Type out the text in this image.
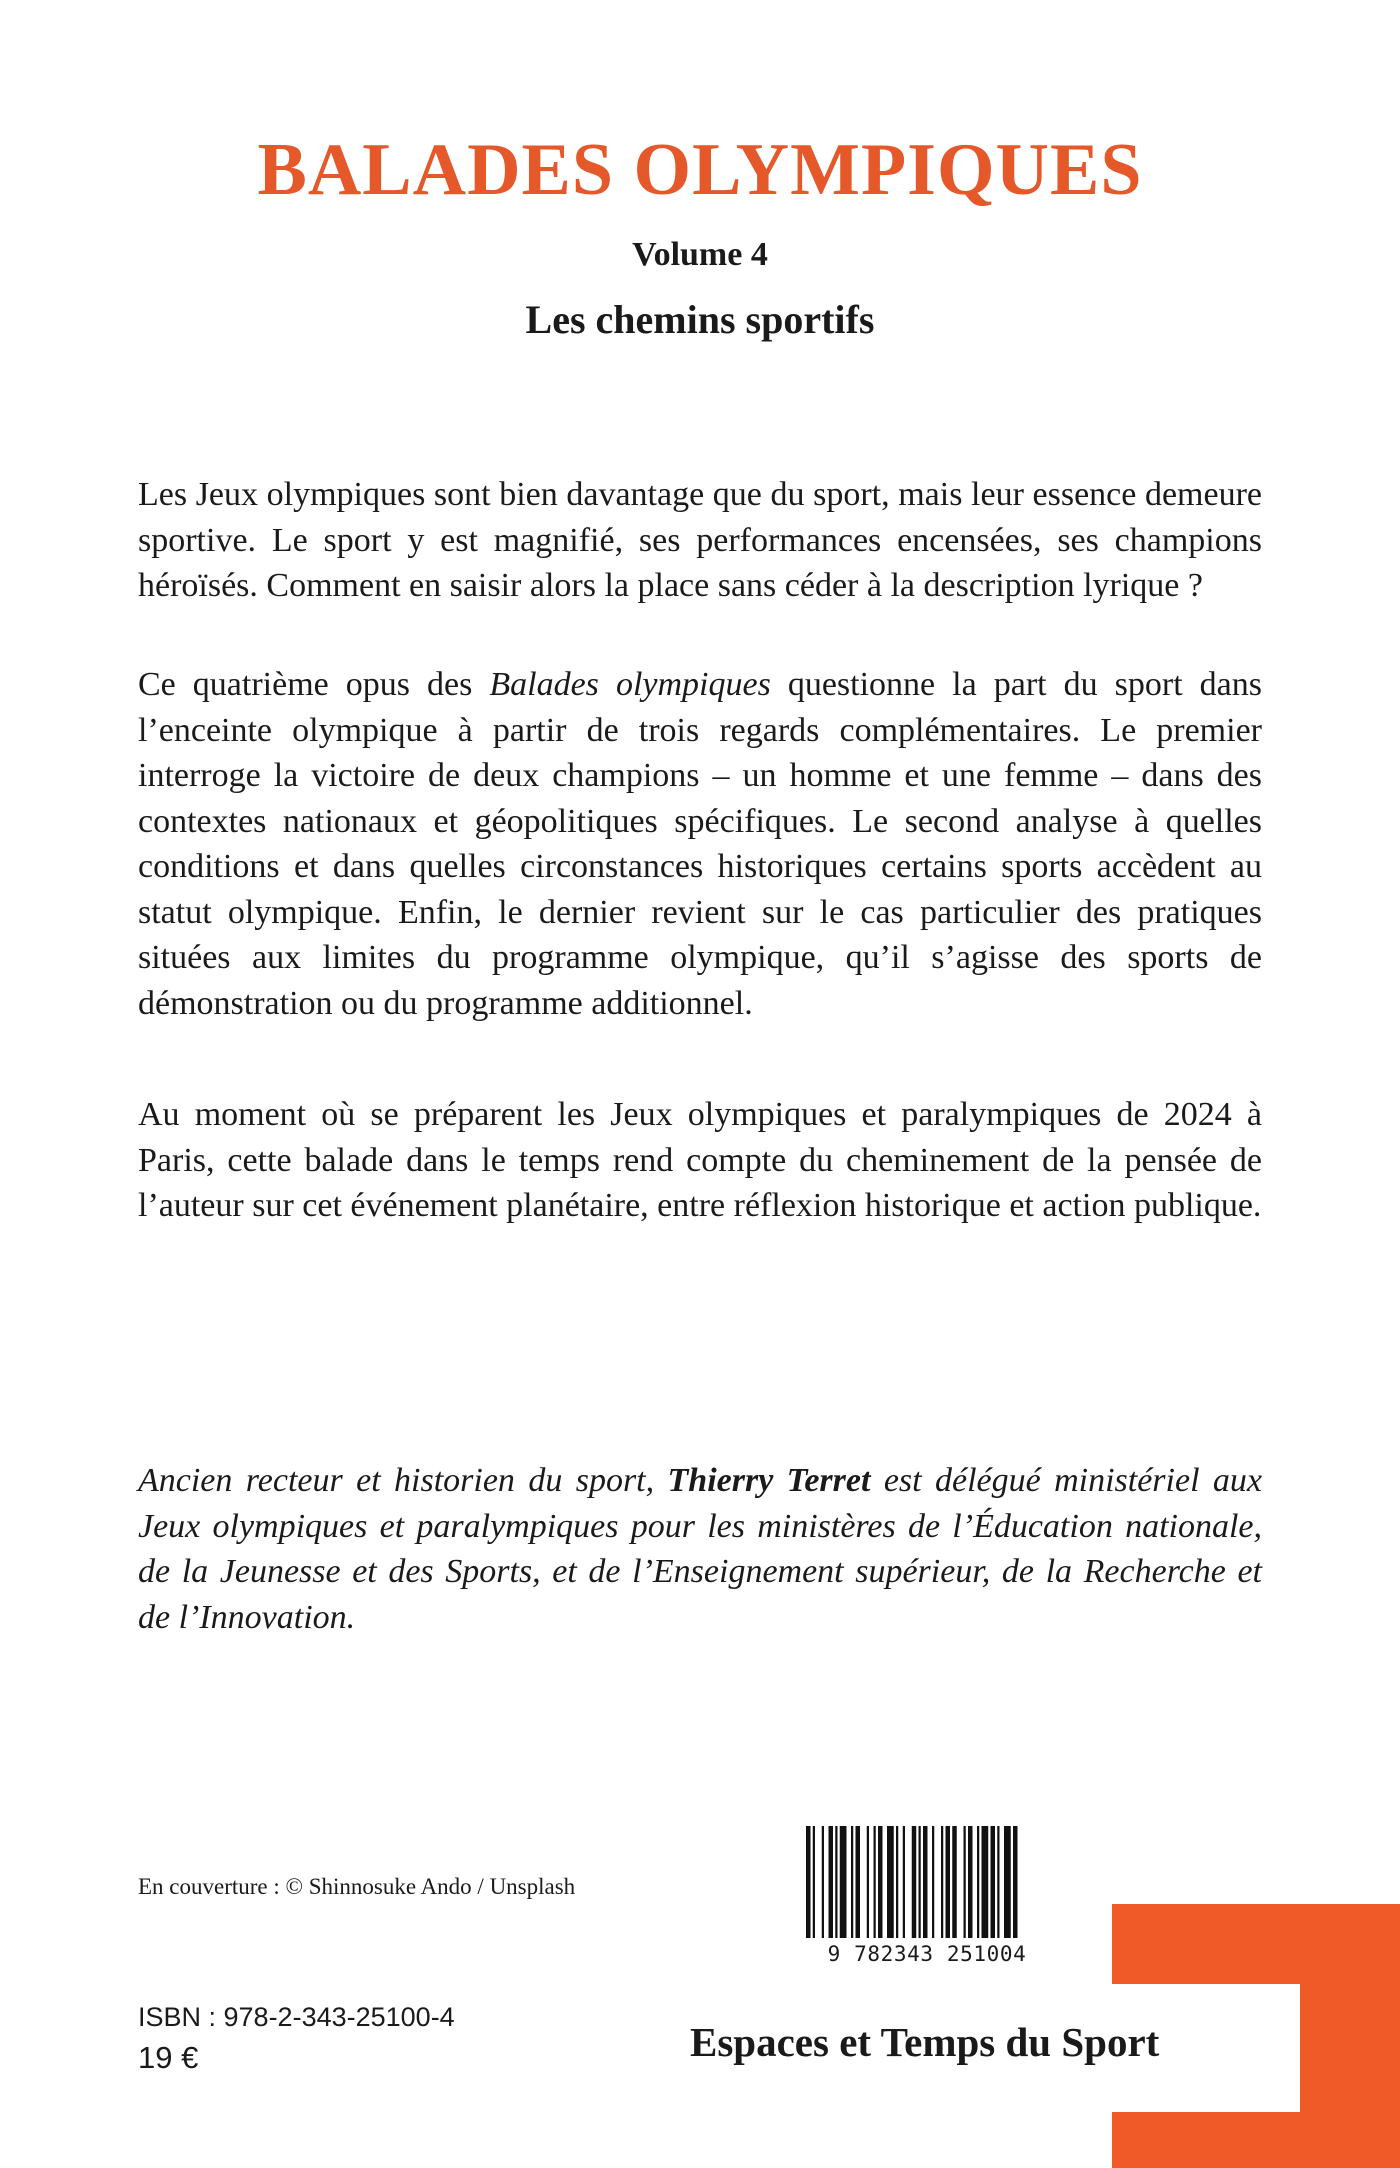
BALADES OLYMPIQUES
Volume 4
Les chemins sportifs

Les Jeux olympiques sont bien davantage que du sport, mais leur essence demeure sportive. Le sport y est magnifié, ses performances encensées, ses champions héroïsés. Comment en saisir alors la place sans céder à la description lyrique ?

Ce quatrième opus des Balades olympiques questionne la part du sport dans l’enceinte olympique à partir de trois regards complémentaires. Le premier interroge la victoire de deux champions – un homme et une femme – dans des contextes nationaux et géopolitiques spécifiques. Le second analyse à quelles conditions et dans quelles circonstances historiques certains sports accèdent au statut olympique. Enfin, le dernier revient sur le cas particulier des pratiques situées aux limites du programme olympique, qu’il s’agisse des sports de démonstration ou du programme additionnel.

Au moment où se préparent les Jeux olympiques et paralympiques de 2024 à Paris, cette balade dans le temps rend compte du cheminement de la pensée de l’auteur sur cet événement planétaire, entre réflexion historique et action publique.

Ancien recteur et historien du sport, Thierry Terret est délégué ministériel aux Jeux olympiques et paralympiques pour les ministères de l’Éducation nationale, de la Jeunesse et des Sports, et de l’Enseignement supérieur, de la Recherche et de l’Innovation.
En couverture : © Shinnosuke Ando / Unsplash
ISBN : 978-2-343-25100-4
19 €	Espaces et Temps du Sport
9 782343 251004
